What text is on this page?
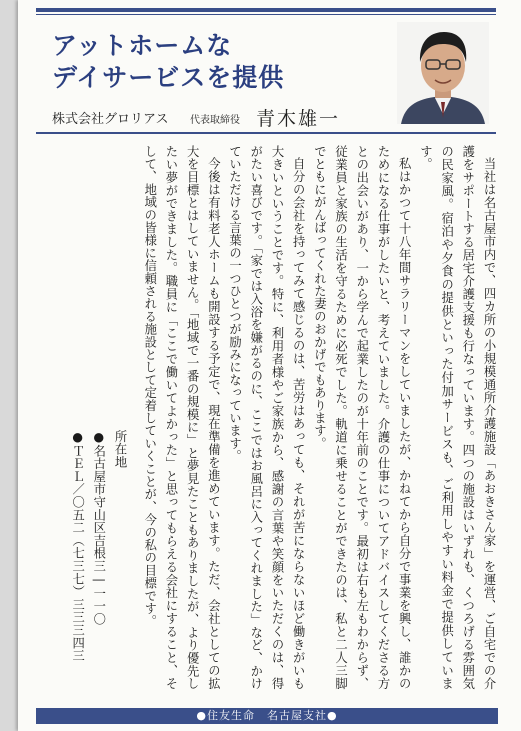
アットホームな
デイサービスを提供
株式会社グロリアス 代表取締役 青木雄一

当社は名古屋市内で、四カ所の小規模通所介護施設「あおきさん家」を運営、ご自宅での介護をサポートする居宅介護支援も行なっています。四つの施設はいずれも、くつろげる雰囲気の民家風。宿泊や夕食の提供といった付加サービスも、ご利用しやすい料金で提供しています。

私はかつて十八年間サラリーマンをしていましたが、かねてから自分で事業を興し、誰かのためになる仕事がしたいと、考えていました。介護の仕事についてアドバイスしてくださる方との出会いがあり、一から学んで起業したのが十年前のことです。最初は右も左もわからず、従業員と家族の生活を守るために必死でした。軌道に乗せることができたのは、私と二人三脚でともにがんばってくれた妻のおかげでもあります。

自分の会社を持ってみて感じるのは、苦労はあっても、それが苦にならないほど働きがいも大きいということです。特に、利用者様やご家族から、感謝の言葉や笑顔をいただくのは、得がたい喜びです。「家では入浴を嫌がるのに、ここではお風呂に入ってくれました」など、かけていただける言葉の一つひとつが励みになっています。

今後は有料老人ホームも開設する予定で、現在準備を進めています。ただ、会社としての拡大を目標とはしていません。「地域で一番の規模に」と夢見たこともありましたが、より優先したい夢ができました。職員に「ここで働いてよかった」と思ってもらえる会社にすること、そして、地域の皆様に信頼される施設として定着していくことが、今の私の目標です。

所在地
●名古屋市守山区吉根三―一一〇
●ＴＥＬ／〇五二（七三七）三三三四三
●住友生命　名古屋支社●
